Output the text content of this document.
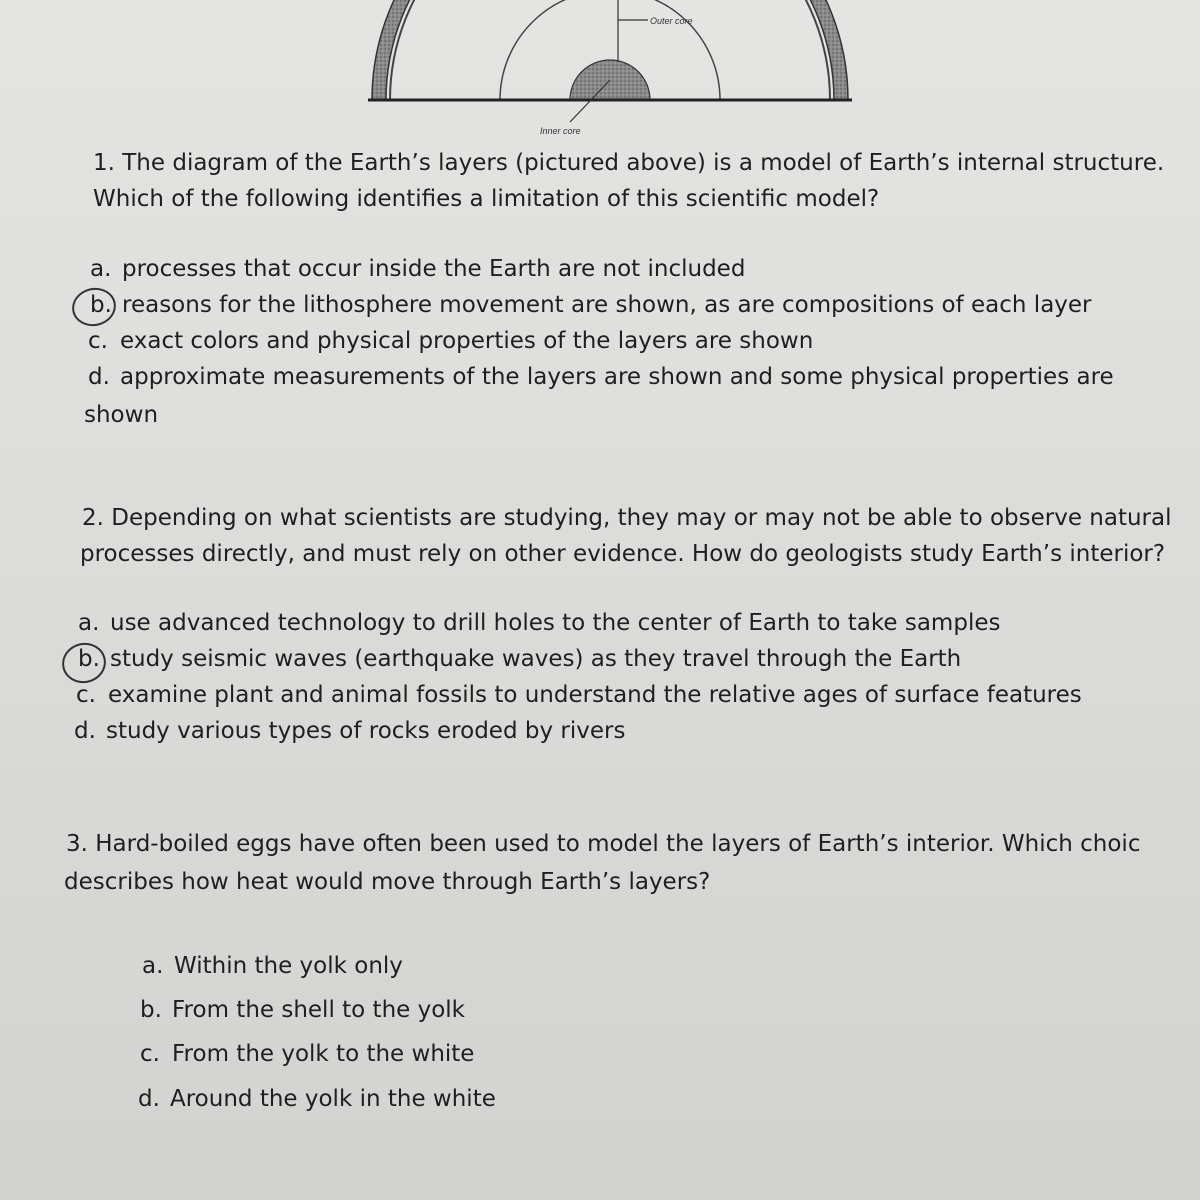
Outer core
Inner core
1. The diagram of the Earth’s layers (pictured above) is a model of Earth’s internal structure.
Which of the following identifies a limitation of this scientific model?
a. processes that occur inside the Earth are not included
b. reasons for the lithosphere movement are shown, as are compositions of each layer
c. exact colors and physical properties of the layers are shown
d. approximate measurements of the layers are shown and some physical properties are
shown
2. Depending on what scientists are studying, they may or may not be able to observe natural
processes directly, and must rely on other evidence. How do geologists study Earth’s interior?
a. use advanced technology to drill holes to the center of Earth to take samples
b. study seismic waves (earthquake waves) as they travel through the Earth
c. examine plant and animal fossils to understand the relative ages of surface features
d. study various types of rocks eroded by rivers
3. Hard-boiled eggs have often been used to model the layers of Earth’s interior. Which choic
describes how heat would move through Earth’s layers?
a. Within the yolk only
b. From the shell to the yolk
c. From the yolk to the white
d. Around the yolk in the white
